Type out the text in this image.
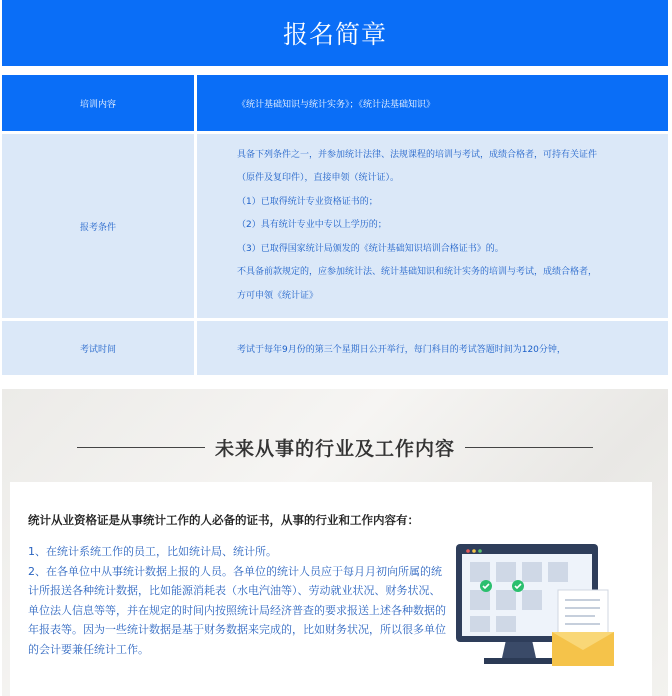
报名简章
培训内容	《统计基础知识与统计实务》；《统计法基础知识》
报考条件
具备下列条件之一，并参加统计法律、法规课程的培训与考试，成绩合格者，可持有关证件
（原件及复印件），直接申领（统计证）。
（1）已取得统计专业资格证书的；
（2）具有统计专业中专以上学历的；
（3）已取得国家统计局颁发的《统计基础知识培训合格证书》的。
不具备前款规定的，应参加统计法、统计基础知识和统计实务的培训与考试，成绩合格者，
方可申领《统计证》
考试时间	考试于每年9月份的第三个星期日公开举行，每门科目的考试答题时间为120分钟，
未来从事的行业及工作内容
统计从业资格证是从事统计工作的人必备的证书，从事的行业和工作内容有：
1、在统计系统工作的员工，比如统计局、统计所。
2、在各单位中从事统计数据上报的人员。各单位的统计人员应于每月月初向所属的统计所报送各种统计数据，比如能源消耗表（水电汽油等）、劳动就业状况、财务状况、单位法人信息等等，并在规定的时间内按照统计局经济普查的要求报送上述各种数据的年报表等。因为一些统计数据是基于财务数据来完成的，比如财务状况，所以很多单位的会计要兼任统计工作。
